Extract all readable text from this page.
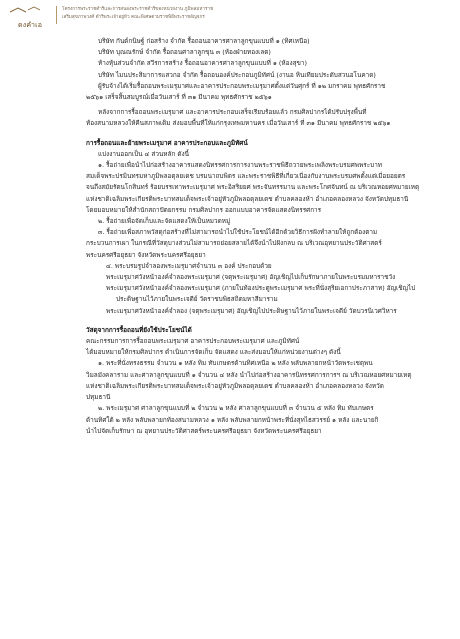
ดงคำเอ
โครงการพระราชดำริและการสนองพระราชดำริของหน่วยงาน ภูมิพลมหาราช
เสริมสุขภาพวงศ์ ดำริพระเจ้าอยู่หัว คณะพิเศษตามราชพิธีพระราชลัญจกร
บริษัท กันต์กนิษฐ์ ก่อสร้าง จำกัด รื้อถอนอาคารศาลาลูกขุนแบบที่ ๑ (ทิศเหนือ)
บริษัท บุณณรักษ์ จำกัด รื้อถอนศาลาลูกขุน ๓ (ห้องฝ่ายทองเลต)
ห้างหุ้นส่วนจำกัด สวีรการสร้าง รื้อถอนอาคารศาลาลูกขุนแบบที่ ๑ (ห้องสุขา)
บริษัท ไมนประสิมาการแสวกอ จำกัด รื้อถอนองค์ประกอบภูมิทัศน์ (งานอ หินเทียมประดับสวนอโนคาด)
ผู้รับจ้างได้เริ่มรื้อถอนพระเมรุมาศและอาคารประกอบพระเมรุมาศตั้งแต่วันศุกร์ ที่ ๑๒ มกราคม พุทธศักราช
๒๕๖๑ เสร็จสิ้นสมบูรณ์เมื่อวันเสาร์ ที่ ๓๑ มีนาคม พุทธศักราช ๒๕๖๑
หลังจากการรื้อถอนพระเมรุมาศ และอาคารประกอบเสร็จเรียบร้อยแล้ว กรมศิลปากรได้ปรับปรุงพื้นที่
ท้องสนามหลวงให้คืนสภาพเดิม ส่งมอบพื้นที่ให้แก่กรุงเทพมหานคร เมื่อวันเสาร์ ที่ ๓๑ มีนาคม พุทธศักราช ๒๕๖๑
การรื้อถอนและย้ายพระเมรุมาศ อาคารประกอบและภูมิทัศน์
แบ่งงานออกเป็น ๔ ส่วนหลัก ดังนี้
๑. รื้อถ่ายเพื่อนำไปก่อสร้างอาคารแสดงนิทรรศการการงานพระราชพิธีถวายพระเพลิงพระบรมศพพระบาท
สมเด็จพระปรมินทรมหาภูมิพลอดุลยเดช บรมนาถบพิตร และพระราชพิธีที่เกี่ยวเนื่องกับงานพระบรมศพตั้งแต่เมื่อยอยตร
จนถึงสมัยรัตนโกสินทร์ ร้อยบรรเทาพระเมรุมาศ พระอิสริยยศ พระจันทรรมาน และพระโกศจันทน์ ณ บริเวณหอยศหมายเหตุ
แห่งชาติเฉลิมพระเกียรติพระบาทสมเด็จพระเจ้าอยู่หัวภูมิพลอดุลยเดช ตำบลคลองห้า อำเภอคลองหลวง จังหวัดปทุมธานี
โดยมอบหมายให้สำนักสถาปัตยกรรม กรมศิลปากร ออกแบบอาคารจัดแสดงนิทรรศการ
๒. รื้อถ่ายเพื่อจัดเก็บและจัดแสดงให้เป็นหมวดหมู่
๓. รื้อถ่ายเพื่อสภาพวัสดุก่อสร้างที่ไม่สามารถนำไปใช้ประโยชน์ได้อีกด้วยวิธีการฝังทำลายให้ถูกต้องตาม
กระบวนการเผา ในกรณีที่วัสดุบางส่วนไม่สามารถย่อยสลายได้จึงนำไปฝังกลบ ณ บริเวณอุทยานประวัติศาสตร์
พระนครศรีอยุธยา จังหวัดพระนครศรีอยุธยา
๔. พระบรมรูปจำลองพระเมรุมาศจำนวน ๓ องค์ ประกอบด้วย
พระเมรุมาศวังหน้าองค์จำลองพระเมรุมาศ (จตุพระเมรุมาศ) อัญเชิญไปเก็บรักษาภายในพระบรมมหาราชวัง
พระเมรุมาศวังหน้าองค์จำลองพระเมรุมาศ (ภายในท้องประตูพระเมรุมาศ พระที่นั่งสุริยเอกาประภาสาท) อัญเชิญไป
ประดิษฐานไว้ภายในพระเจดีย์ วัดราชบพิธสถิตมหาสีมาราม
พระเมรุมาศวังหน้าองค์จำลอง (จตุพระเมรุมาศ) อัญเชิญไปประดิษฐานไว้ภายในพระเจดีย์ วัดบวรนิเวศวิหาร
วัสดุจากการรื้อถอนที่ยังใช้ประโยชน์ได้
คณะกรรมการการรื้อถอนพระเมรุมาศ อาคารประกอบพระเมรุมาศ และภูมิทัศน์
ได้มอบหมายให้กรมศิลปากร ดำเนินการจัดเก็บ จัดแสดง และส่งมอบให้แก่หน่วยงานต่างๆ ดังนี้
๑. พระที่นั่งทรงธรรม จำนวน ๑ หลัง ทิม ทับเกษตรด้านทิศเหนือ ๒ หลัง พลับพลายกหน้าวัดพระเชตุพน
วิมลมังคลาราม และศาลาลูกขุนแบบที่ ๑ จำนวน ๔ หลัง นำไปก่อสร้างอาคารนิทรรศการการฯ ณ บริเวณหอยศหมายเหตุ
แห่งชาติเฉลิมพระเกียรติพระบาทสมเด็จพระเจ้าอยู่หัวภูมิพลอดุลยเดช ตำบลคลองห้า อำเภอคลองหลวง จังหวัด
ปทุมธานี
๒. พระเมรุมาศ ศาลาลูกขุนแบบที่ ๒ จำนวน ๒ หลัง ศาลาลูกขุนแบบที่ ๓ จำนวน ๕ หลัง ทิม ทับเกษตร
ด้านทิศใต้ ๒ หลัง พลับพลายกท้องสนามหลวง ๑ หลัง พลับพลายกหน้าพระที่นั่งสุทไธสวรรย์ ๑ หลัง และนายกิ
นำไปจัดเก็บรักษา ณ อุทยานประวัติศาสตร์พระนครศรีอยุธยา จังหวัดพระนครศรีอยุธยา
